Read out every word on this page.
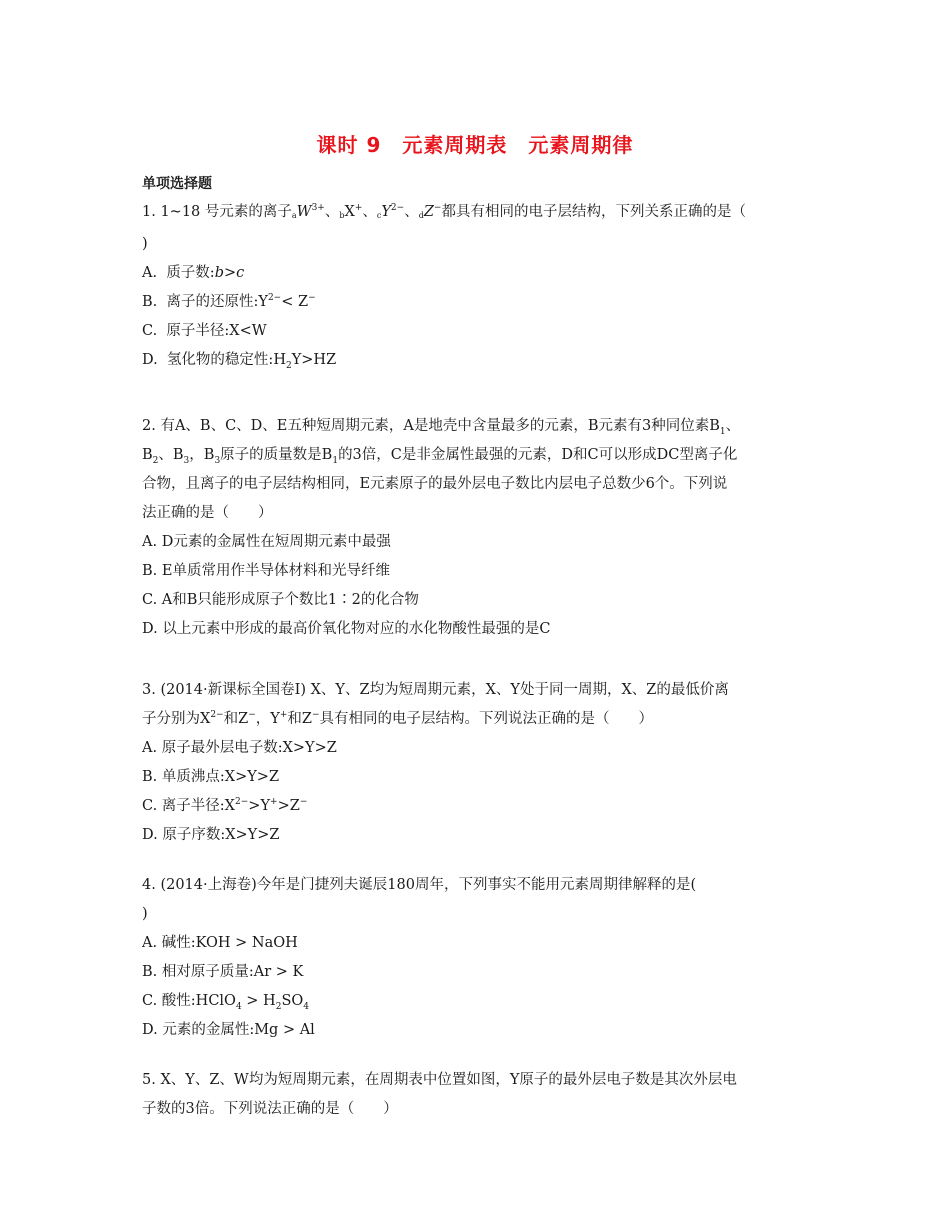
课时 9　元素周期表　元素周期律
单项选择题

1. 1~18 号元素的离子$aW^{3+}$、bX+、$cY^{2-}$、dZ−都具有相同的电子层结构，下列关系正确的是（
)

A. 质子数:b>c

B. 离子的还原性$:Y^{2-}< Z^-$

C. 原子半径:X<W

D. 氢化物的稳定性$:H_2Y>HZ$

2. 有A、B、C、D、E五种短周期元素，A是地壳中含量最多的元素，B元素有3种同位素$B_1$、
$B_2$、$B_3$，$B_3$原子的质量数是$B_1$的3倍，C是非金属性最强的元素，D和C可以形成DC型离子化
合物，且离子的电子层结构相同，E元素原子的最外层电子数比内层电子总数少6个。下列说
法正确的是（　　）

A. D元素的金属性在短周期元素中最强

B. E单质常用作半导体材料和光导纤维

C. A和B只能形成原子个数比1∶2的化合物

D. 以上元素中形成的最高价氧化物对应的水化物酸性最强的是C

3. (2014·新课标全国卷Ⅰ) X、Y、Z均为短周期元素，X、Y处于同一周期，X、Z的最低价离
子分别为$X^{2-}$和Z−，Y+和Z−具有相同的电子层结构。下列说法正确的是（　　）

A. 原子最外层电子数:X>Y>Z

B. 单质沸点:X>Y>Z

C. 离子半径$:X^{2-}>Y^+>Z^-$

D. 原子序数:X>Y>Z

4. (2014·上海卷)今年是门捷列夫诞辰180周年，下列事实不能用元素周期律解释的是(
)

A. 碱性:KOH > NaOH

B. 相对原子质量:Ar > K

C. 酸性:HClO$_4$ > $H_2SO_4$

D. 元素的金属性:Mg > Al

5. X、Y、Z、W均为短周期元素，在周期表中位置如图，Y原子的最外层电子数是其次外层电
子数的3倍。下列说法正确的是（　　）
